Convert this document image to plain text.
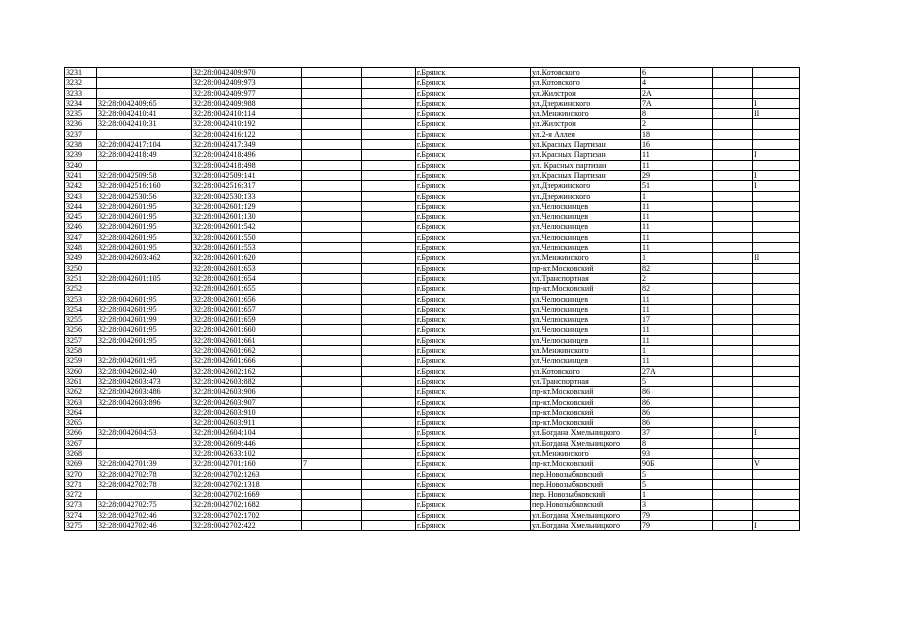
3231		32:28:0042409:970			г.Брянск	ул.Котовского	6		
3232		32:28:0042409:973			г.Брянск	ул.Котовского	4		
3233		32:28:0042409:977			г.Брянск	ул.Жилстроя	2А		
3234	32:28:0042409:65	32:28:0042409:988			г.Брянск	ул.Дзержинского	7А		I
3235	32:28:0042410:41	32:28:0042410:114			г.Брянск	ул.Менжинского	8		II
3236	32:28:0042410:31	32:28:0042410:192			г.Брянск	ул.Жилстроя	2		
3237		32:28:0042416:122			г.Брянск	ул.2-я Аллея	18		
3238	32:28:0042417:104	32:28:0042417:349			г.Брянск	ул.Красных Партизан	16		
3239	32:28:0042418:49	32:28:0042418:496			г.Брянск	ул.Красных Партизан	11		I
3240		32:28:0042418:498			г.Брянск	ул. Красных партизан	11		
3241	32:28:0042509:58	32:28:0042509:141			г.Брянск	ул.Красных Партизан	29		I
3242	32:28:0042516:160	32:28:0042516:317			г.Брянск	ул.Дзержинского	51		I
3243	32:28:0042530:56	32:28:0042530:133			г.Брянск	ул.Дзержинского	1		
3244	32:28:0042601:95	32:28:0042601:129			г.Брянск	ул.Челюскинцев	11		
3245	32:28:0042601:95	32:28:0042601:130			г.Брянск	ул.Челюскинцев	11		
3246	32:28:0042601:95	32:28:0042601:542			г.Брянск	ул.Челюскинцев	11		
3247	32:28:0042601:95	32:28:0042601:550			г.Брянск	ул.Челюскинцев	11		
3248	32:28:0042601:95	32:28:0042601:553			г.Брянск	ул.Челюскинцев	11		
3249	32:28:0042603:462	32:28:0042601:620			г.Брянск	ул.Менжинского	1		II
3250		32:28:0042601:653			г.Брянск	пр-кт.Московский	82		
3251	32:28:0042601:105	32:28:0042601:654			г.Брянск	ул.Транспортная	2		
3252		32:28:0042601:655			г.Брянск	пр-кт.Московский	82		
3253	32:28:0042601:95	32:28:0042601:656			г.Брянск	ул.Челюскинцев	11		
3254	32:28:0042601:95	32:28:0042601:657			г.Брянск	ул.Челюскинцев	11		
3255	32:28:0042601:99	32:28:0042601:659			г.Брянск	ул.Челюскинцев	17		
3256	32:28:0042601:95	32:28:0042601:660			г.Брянск	ул.Челюскинцев	11		
3257	32:28:0042601:95	32:28:0042601:661			г.Брянск	ул.Челюскинцев	11		
3258		32:28:0042601:662			г.Брянск	ул.Менжинского	1		
3259	32:28:0042601:95	32:28:0042601:666			г.Брянск	ул.Челюскинцев	11		
3260	32:28:0042602:40	32:28:0042602:162			г.Брянск	ул.Котовского	27А		
3261	32:28:0042603:473	32:28:0042603:882			г.Брянск	ул.Транспортная	5		
3262	32:28:0042603:486	32:28:0042603:906			г.Брянск	пр-кт.Московский	86		
3263	32:28:0042603:896	32:28:0042603:907			г.Брянск	пр-кт.Московский	86		
3264		32:28:0042603:910			г.Брянск	пр-кт.Московский	86		
3265		32:28:0042603:911			г.Брянск	пр-кт.Московский	86		
3266	32:28:0042604:53	32:28:0042604:104			г.Брянск	ул.Богдана Хмельницкого	37		I
3267		32:28:0042609:446			г.Брянск	ул.Богдана Хмельницкого	8		
3268		32:28:0042633:102			г.Брянск	ул.Менжинского	93		
3269	32:28:0042701:39	32:28:0042701:160	7		г.Брянск	пр-кт.Московский	90Б		V
3270	32:28:0042702:78	32:28:0042702:1263			г.Брянск	пер.Новозыбковский	5		
3271	32:28:0042702:78	32:28:0042702:1318			г.Брянск	пер.Новозыбковский	5		
3272		32:28:0042702:1669			г.Брянск	пер. Новозыбковский	1		
3273	32:28:0042702:75	32:28:0042702:1682			г.Брянск	пер.Новозыбковский	3		
3274	32:28:0042702:46	32:28:0042702:1702			г.Брянск	ул.Богдана Хмельницкого	79		
3275	32:28:0042702:46	32:28:0042702:422			г.Брянск	ул.Богдана Хмельницкого	79		I
